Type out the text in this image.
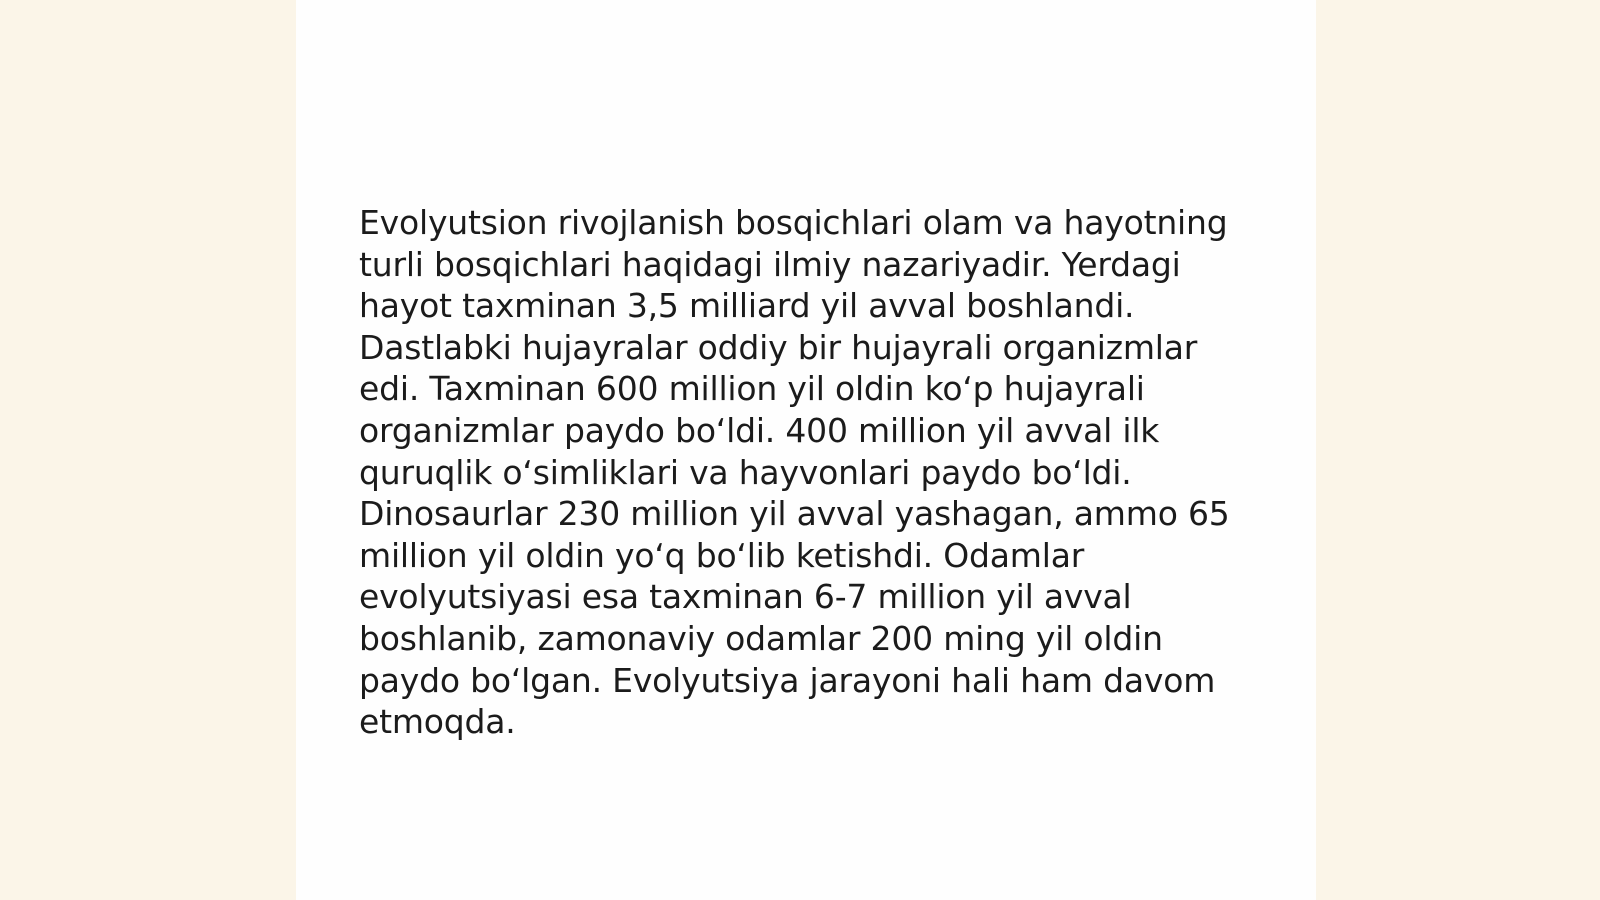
Evolyutsion rivojlanish bosqichlari olam va hayotning turli bosqichlari haqidagi ilmiy nazariyadir. Yerdagi hayot taxminan 3,5 milliard yil avval boshlandi. Dastlabki hujayralar oddiy bir hujayrali organizmlar edi. Taxminan 600 million yil oldin ko‘p hujayrali organizmlar paydo bo‘ldi. 400 million yil avval ilk quruqlik o‘simliklari va hayvonlari paydo bo‘ldi. Dinosaurlar 230 million yil avval yashagan, ammo 65 million yil oldin yo‘q bo‘lib ketishdi. Odamlar evolyutsiyasi esa taxminan 6-7 million yil avval boshlanib, zamonaviy odamlar 200 ming yil oldin paydo bo‘lgan. Evolyutsiya jarayoni hali ham davom etmoqda.
